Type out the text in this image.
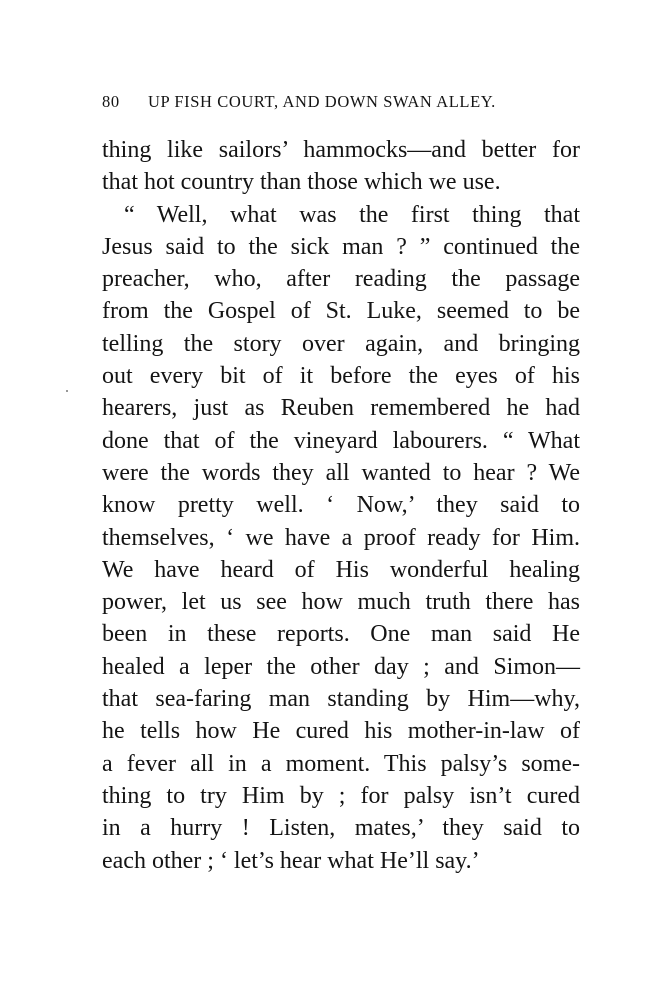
80 UP FISH COURT, AND DOWN SWAN ALLEY.
thing like sailors’ hammocks—and better for
that hot country than those which we use.
“ Well, what was the first thing that
Jesus said to the sick man ? ” continued the
preacher, who, after reading the passage
from the Gospel of St. Luke, seemed to be
telling the story over again, and bringing
out every bit of it before the eyes of his
hearers, just as Reuben remembered he had
done that of the vineyard labourers. “ What
were the words they all wanted to hear ? We
know pretty well. ‘ Now,’ they said to
themselves, ‘ we have a proof ready for Him.
We have heard of His wonderful healing
power, let us see how much truth there has
been in these reports. One man said He
healed a leper the other day ; and Simon—
that sea-faring man standing by Him—why,
he tells how He cured his mother-in-law of
a fever all in a moment. This palsy’s some-
thing to try Him by ; for palsy isn’t cured
in a hurry ! Listen, mates,’ they said to
each other ; ‘ let’s hear what He’ll say.’
